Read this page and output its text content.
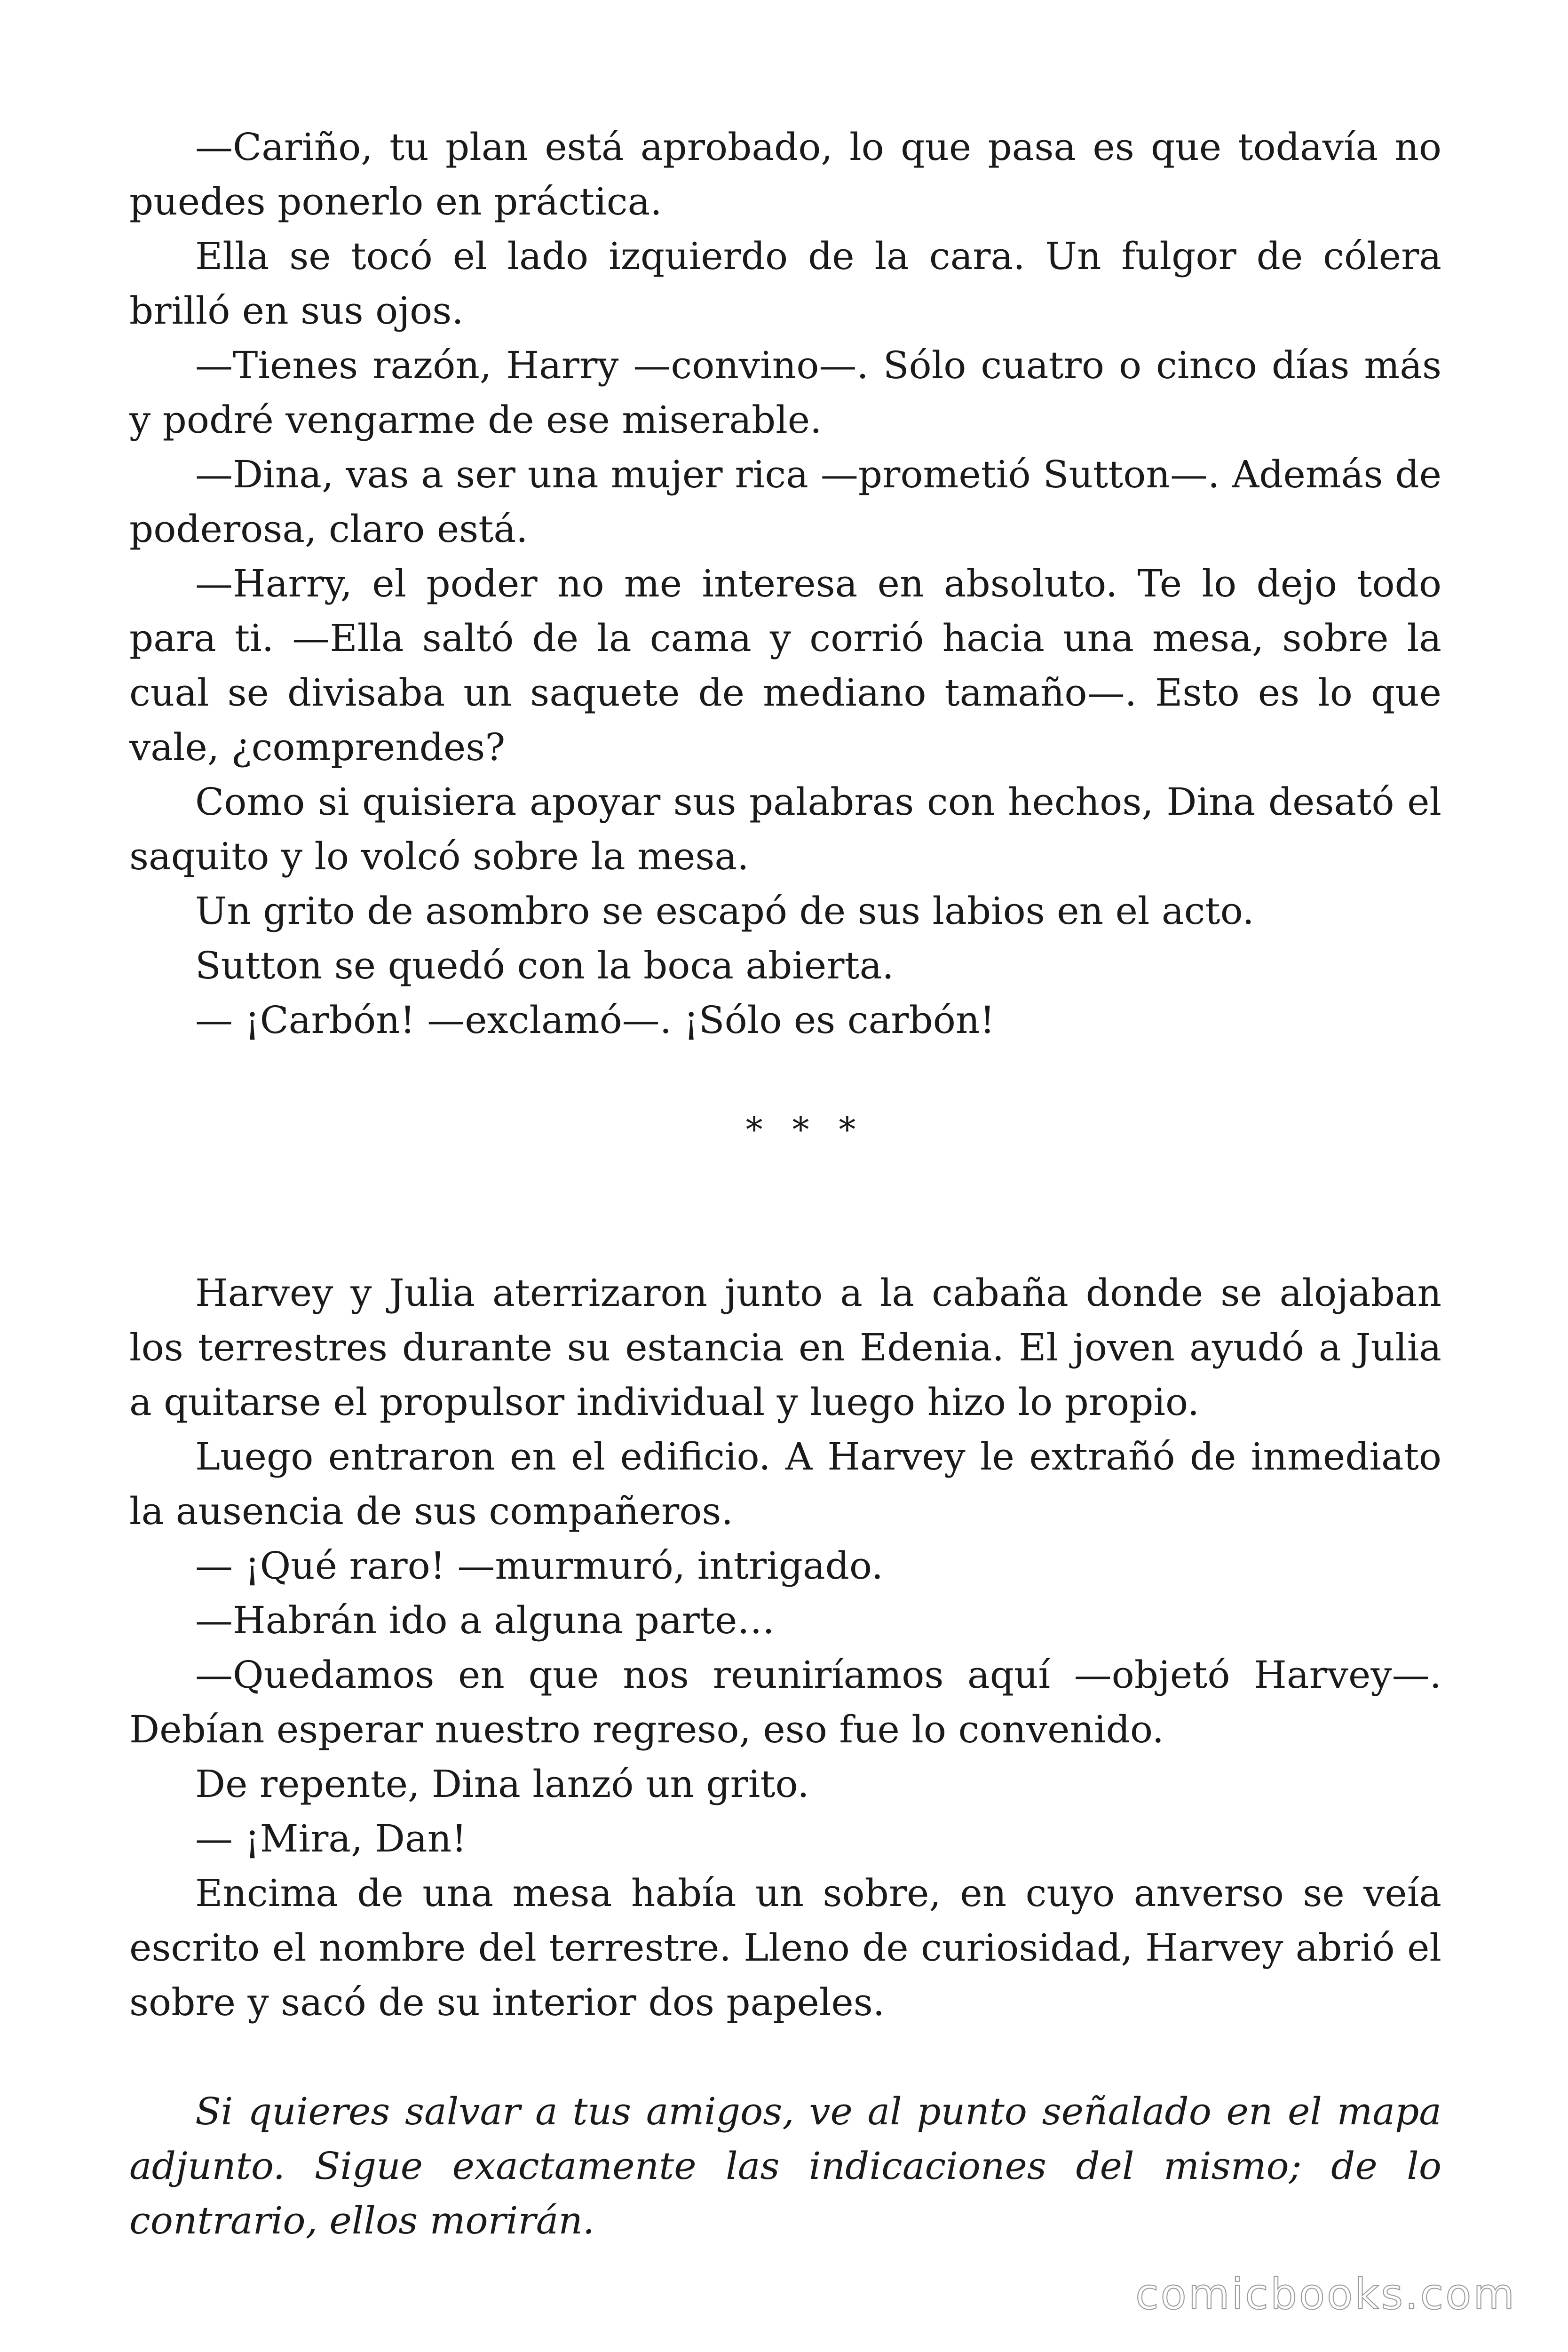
—Cariño, tu plan está aprobado, lo que pasa es que todavía no puedes ponerlo en práctica.

Ella se tocó el lado izquierdo de la cara. Un fulgor de cólera brilló en sus ojos.

—Tienes razón, Harry —convino—. Sólo cuatro o cinco días más y podré vengarme de ese miserable.

—Dina, vas a ser una mujer rica —prometió Sutton—. Además de poderosa, claro está.

—Harry, el poder no me interesa en absoluto. Te lo dejo todo para ti. —Ella saltó de la cama y corrió hacia una mesa, sobre la cual se divisaba un saquete de mediano tamaño—. Esto es lo que vale, ¿comprendes?

Como si quisiera apoyar sus palabras con hechos, Dina desató el saquito y lo volcó sobre la mesa.

Un grito de asombro se escapó de sus labios en el acto.

Sutton se quedó con la boca abierta.

— ¡Carbón! —exclamó—. ¡Sólo es carbón!

* * *

Harvey y Julia aterrizaron junto a la cabaña donde se alojaban los terrestres durante su estancia en Edenia. El joven ayudó a Julia a quitarse el propulsor individual y luego hizo lo propio.

Luego entraron en el edificio. A Harvey le extrañó de inmediato la ausencia de sus compañeros.

— ¡Qué raro! —murmuró, intrigado.

—Habrán ido a alguna parte…

—Quedamos en que nos reuniríamos aquí —objetó Harvey—. Debían esperar nuestro regreso, eso fue lo convenido.

De repente, Dina lanzó un grito.

— ¡Mira, Dan!

Encima de una mesa había un sobre, en cuyo anverso se veía escrito el nombre del terrestre. Lleno de curiosidad, Harvey abrió el sobre y sacó de su interior dos papeles.

Si quieres salvar a tus amigos, ve al punto señalado en el mapa adjunto. Sigue exactamente las indicaciones del mismo; de lo contrario, ellos morirán.

comicbooks.com
